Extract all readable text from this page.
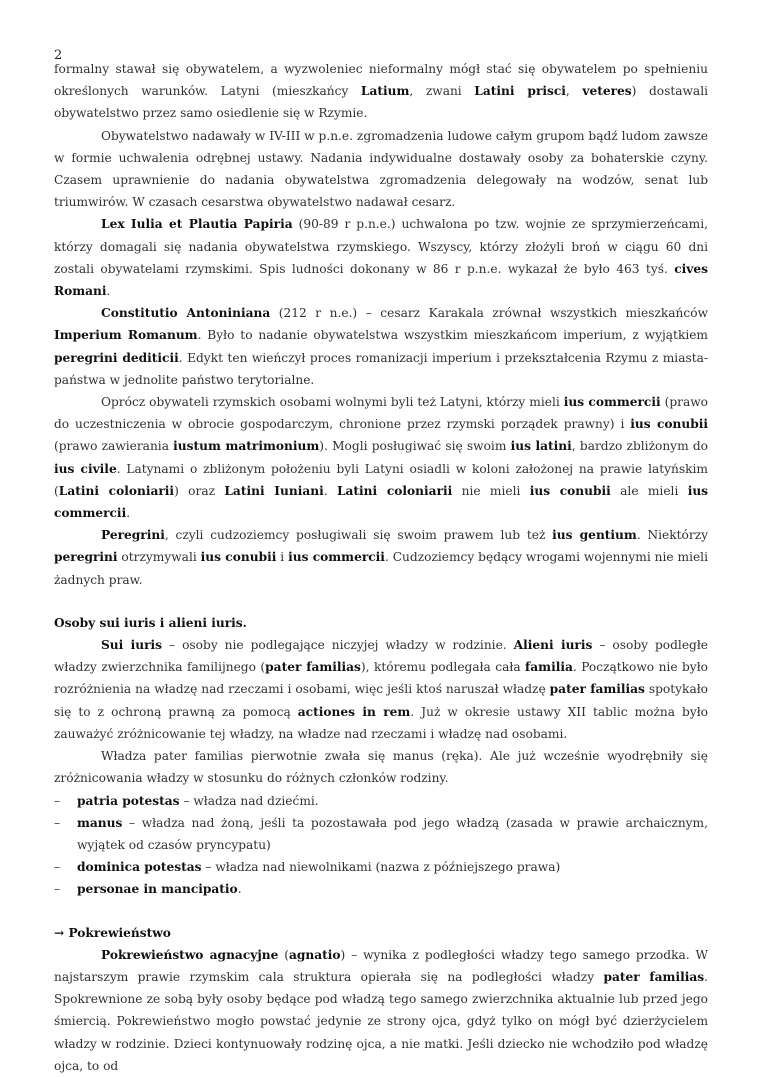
2

formalny stawał się obywatelem, a wyzwoleniec nieformalny mógł stać się obywatelem po spełnieniu określonych warunków. Latyni (mieszkańcy Latium, zwani Latini prisci, veteres) dostawali obywatelstwo przez samo osiedlenie się w Rzymie.

Obywatelstwo nadawały w IV-III w p.n.e. zgromadzenia ludowe całym grupom bądź ludom zawsze w formie uchwalenia odrębnej ustawy. Nadania indywidualne dostawały osoby za bohaterskie czyny. Czasem uprawnienie do nadania obywatelstwa zgromadzenia delegowały na wodzów, senat lub triumwirów. W czasach cesarstwa obywatelstwo nadawał cesarz.

Lex Iulia et Plautia Papiria (90-89 r p.n.e.) uchwalona po tzw. wojnie ze sprzymierzeńcami, którzy domagali się nadania obywatelstwa rzymskiego. Wszyscy, którzy złożyli broń w ciągu 60 dni zostali obywatelami rzymskimi. Spis ludności dokonany w 86 r p.n.e. wykazał że było 463 tyś. cives Romani.

Constitutio Antoniniana (212 r n.e.) – cesarz Karakala zrównał wszystkich mieszkańców Imperium Romanum. Było to nadanie obywatelstwa wszystkim mieszkańcom imperium, z wyjątkiem peregrini dediticii. Edykt ten wieńczył proces romanizacji imperium i przekształcenia Rzymu z miasta-państwa w jednolite państwo terytorialne.

Oprócz obywateli rzymskich osobami wolnymi byli też Latyni, którzy mieli ius commercii (prawo do uczestniczenia w obrocie gospodarczym, chronione przez rzymski porządek prawny) i ius conubii (prawo zawierania iustum matrimonium). Mogli posługiwać się swoim ius latini, bardzo zbliżonym do ius civile. Latynami o zbliżonym położeniu byli Latyni osiadli w koloni założonej na prawie latyńskim (Latini coloniarii) oraz Latini Iuniani. Latini coloniarii nie mieli ius conubii ale mieli ius commercii.

Peregrini, czyli cudzoziemcy posługiwali się swoim prawem lub też ius gentium. Niektórzy peregrini otrzymywali ius conubii i ius commercii. Cudzoziemcy będący wrogami wojennymi nie mieli żadnych praw.

Osoby sui iuris i alieni iuris.

Sui iuris – osoby nie podlegające niczyjej władzy w rodzinie. Alieni iuris – osoby podległe władzy zwierzchnika familijnego (pater familias), któremu podlegała cała familia. Początkowo nie było rozróżnienia na władzę nad rzeczami i osobami, więc jeśli ktoś naruszał władzę pater familias spotykało się to z ochroną prawną za pomocą actiones in rem. Już w okresie ustawy XII tablic można było zauważyć zróżnicowanie tej władzy, na władze nad rzeczami i władzę nad osobami.

Władza pater familias pierwotnie zwała się manus (ręka). Ale już wcześnie wyodrębniły się zróżnicowania władzy w stosunku do różnych członków rodziny.

– patria potestas – władza nad dziećmi.
– manus – władza nad żoną, jeśli ta pozostawała pod jego władzą (zasada w prawie archaicznym, wyjątek od czasów pryncypatu)
– dominica potestas – władza nad niewolnikami (nazwa z późniejszego prawa)
– personae in mancipatio.

→ Pokrewieństwo

Pokrewieństwo agnacyjne (agnatio) – wynika z podległości władzy tego samego przodka. W najstarszym prawie rzymskim cala struktura opierała się na podległości władzy pater familias. Spokrewnione ze sobą były osoby będące pod władzą tego samego zwierzchnika aktualnie lub przed jego śmiercią. Pokrewieństwo mogło powstać jedynie ze strony ojca, gdyż tylko on mógł być dzierżycielem władzy w rodzinie. Dzieci kontynuowały rodzinę ojca, a nie matki. Jeśli dziecko nie wchodziło pod władzę ojca, to od
